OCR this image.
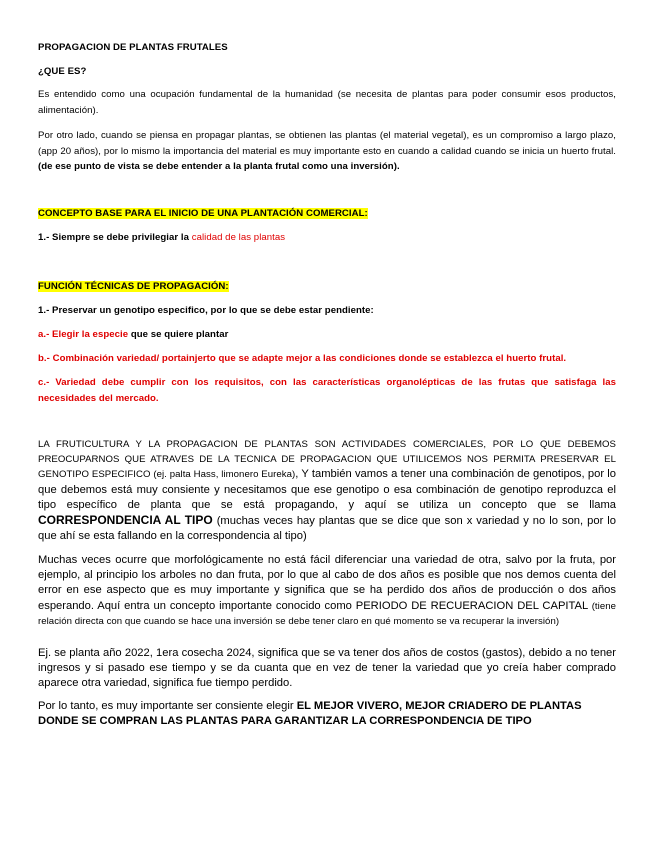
PROPAGACION DE PLANTAS FRUTALES

¿QUE ES?

Es entendido como una ocupación fundamental de la humanidad (se necesita de plantas para poder consumir esos productos, alimentación).

Por otro lado, cuando se piensa en propagar plantas, se obtienen las plantas (el material vegetal), es un compromiso a largo plazo, (app 20 años), por lo mismo la importancia del material es muy importante esto en cuando a calidad cuando se inicia un huerto frutal. (de ese punto de vista se debe entender a la planta frutal como una inversión).

CONCEPTO BASE PARA EL INICIO DE UNA PLANTACIÓN COMERCIAL:

1.- Siempre se debe privilegiar la calidad de las plantas

FUNCIÓN TÉCNICAS DE PROPAGACIÓN:

1.- Preservar un genotipo especifico, por lo que se debe estar pendiente:

a.- Elegir la especie que se quiere plantar

b.- Combinación variedad/ portainjerto que se adapte mejor a las condiciones donde se establezca el huerto frutal.

c.- Variedad debe cumplir con los requisitos, con las características organolépticas de las frutas que satisfaga las necesidades del mercado.

LA FRUTICULTURA Y LA PROPAGACION DE PLANTAS SON ACTIVIDADES COMERCIALES, POR LO QUE DEBEMOS PREOCUPARNOS QUE ATRAVES DE LA TECNICA DE PROPAGACION QUE UTILICEMOS NOS PERMITA PRESERVAR EL GENOTIPO ESPECIFICO (ej. palta Hass, limonero Eureka), Y también vamos a tener una combinación de genotipos, por lo que debemos está muy consiente y necesitamos que ese genotipo o esa combinación de genotipo reproduzca el tipo específico de planta que se está propagando, y aquí se utiliza un concepto que se llama CORRESPONDENCIA AL TIPO (muchas veces hay plantas que se dice que son x variedad y no lo son, por lo que ahí se esta fallando en la correspondencia al tipo)

Muchas veces ocurre que morfológicamente no está fácil diferenciar una variedad de otra, salvo por la fruta, por ejemplo, al principio los arboles no dan fruta, por lo que al cabo de dos años es posible que nos demos cuenta del error en ese aspecto que es muy importante y significa que se ha perdido dos años de producción o dos años esperando. Aquí entra un concepto importante conocido como PERIODO DE RECUERACION DEL CAPITAL (tiene relación directa con que cuando se hace una inversión se debe tener claro en qué momento se va recuperar la inversión)

Ej. se planta año 2022, 1era cosecha 2024, significa que se va tener dos años de costos (gastos), debido a no tener ingresos y si pasado ese tiempo y se da cuanta que en vez de tener la variedad que yo creía haber comprado aparece otra variedad, significa fue tiempo perdido.

Por lo tanto, es muy importante ser consiente elegir EL MEJOR VIVERO, MEJOR CRIADERO DE PLANTAS DONDE SE COMPRAN LAS PLANTAS PARA GARANTIZAR LA CORRESPONDENCIA DE TIPO
